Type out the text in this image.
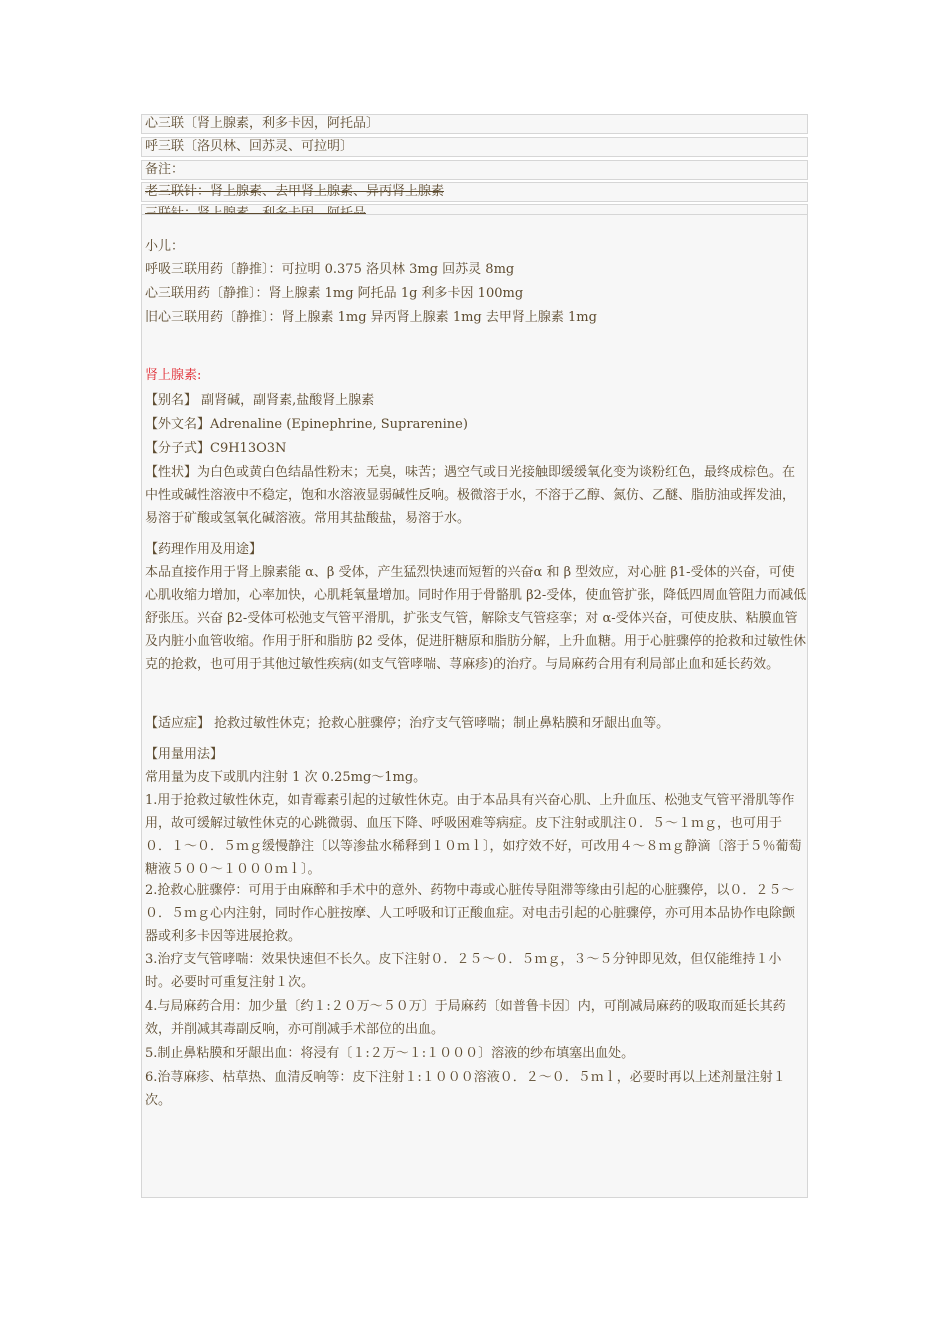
心三联〔肾上腺素，利多卡因，阿托品〕
呼三联〔洛贝林、回苏灵、可拉明〕
备注：
老三联针：肾上腺素、去甲肾上腺素、异丙肾上腺素
小儿：
呼吸三联用药〔静推〕：可拉明 0.375 洛贝林 3mg 回苏灵 8mg
心三联用药〔静推〕：肾上腺素 1mg 阿托品 1g 利多卡因 100mg
旧心三联用药〔静推〕：肾上腺素 1mg 异丙肾上腺素 1mg 去甲肾上腺素 1mg
肾上腺素:
【别名】 副肾碱，副肾素,盐酸肾上腺素
【外文名】Adrenaline (Epinephrine, Suprarenine)
【分子式】C9H13O3N
【性状】为白色或黄白色结晶性粉末；无臭，味苦；遇空气或日光接触即缓缓氧化变为谈粉红色，最终成棕色。在中性或碱性溶液中不稳定，饱和水溶液显弱碱性反响。极微溶于水，不溶于乙醇、氮仿、乙醚、脂肪油或挥发油，易溶于矿酸或氢氧化碱溶液。常用其盐酸盐，易溶于水。
【药理作用及用途】
本品直接作用于肾上腺素能 α、β 受体，产生猛烈快速而短暂的兴奋α 和 β 型效应，对心脏 β1-受体的兴奋，可使心肌收缩力增加，心率加快，心肌耗氧量增加。同时作用于骨骼肌 β2-受体，使血管扩张，降低四周血管阻力而减低舒张压。兴奋 β2-受体可松弛支气管平滑肌，扩张支气管，解除支气管痉挛；对 α-受体兴奋，可使皮肤、粘膜血管及内脏小血管收缩。作用于肝和脂肪 β2 受体，促进肝糖原和脂肪分解，上升血糖。用于心脏骤停的抢救和过敏性休克的抢救，也可用于其他过敏性疾病(如支气管哮喘、荨麻疹)的治疗。与局麻药合用有利局部止血和延长药效。
【适应症】 抢救过敏性休克；抢救心脏骤停；治疗支气管哮喘；制止鼻粘膜和牙龈出血等。
【用量用法】
常用量为皮下或肌内注射 1 次 0.25mg～1mg。
1.用于抢救过敏性休克，如青霉素引起的过敏性休克。由于本品具有兴奋心肌、上升血压、松弛支气管平滑肌等作用，故可缓解过敏性休克的心跳微弱、血压下降、呼吸困难等病症。皮下注射或肌注０．５～１ｍｇ，也可用于０．１～０．５ｍｇ缓慢静注〔以等渗盐水稀释到１０ｍｌ〕，如疗效不好，可改用４～８ｍｇ静滴〔溶于５％葡萄糖液５００～１０００ｍｌ〕。
2.抢救心脏骤停：可用于由麻醉和手术中的意外、药物中毒或心脏传导阻滞等缘由引起的心脏骤停，以０．２５～０．５ｍｇ心内注射，同时作心脏按摩、人工呼吸和订正酸血症。对电击引起的心脏骤停，亦可用本品协作电除颤器或利多卡因等进展抢救。
3.治疗支气管哮喘：效果快速但不长久。皮下注射０．２５～０．５ｍｇ，３～５分钟即见效，但仅能维持１小时。必要时可重复注射１次。
4.与局麻药合用：加少量〔约１:２０万～５０万〕于局麻药〔如普鲁卡因〕内，可削减局麻药的吸取而延长其药效，并削减其毒副反响，亦可削减手术部位的出血。
5.制止鼻粘膜和牙龈出血：将浸有〔１:２万～１:１０００〕溶液的纱布填塞出血处。
6.治荨麻疹、枯草热、血清反响等：皮下注射１:１０００溶液０．２～０．５ｍｌ，必要时再以上述剂量注射１次。
